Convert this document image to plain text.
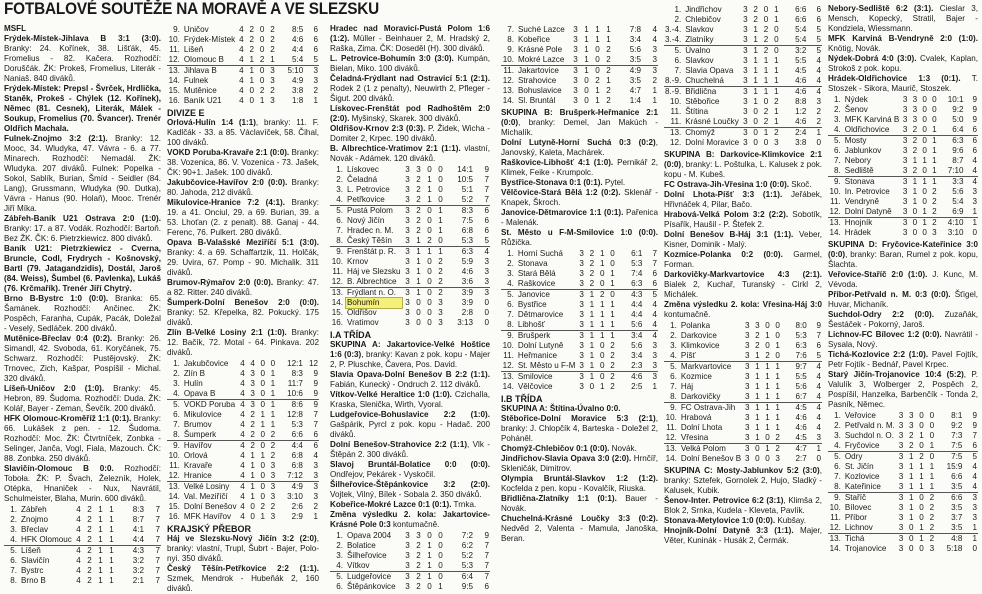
FOTBALOVÉ SOUTĚŽE NA MORAVĚ A VE SLEZSKU

MSFL

Frýdek-Místek-Jihlava B 3:1 (3:0). Branky: 24. Kořínek, 38. Lišťák, 45. Fromelius - 82. Kačera. Rozhodčí: Doruščák. ŽK: Prokeš, Fromelius, Literák - Naniaš. 840 diváků.

Frýdek-Místek: Prepsl - Švrček, Hrdlička, Staněk, Prokeš - Chýlek (12. Kořínek), Němec (81. Cesnek), Literák, Málek - Soukup, Fromelius (70. Švancer). Trenér Oldřich Machala.

Fulnek-Znojmo 3:2 (2:1). Branky: 12. Mooc, 34. Wludyka, 47. Vávra - 6. a 77. Minarech. Rozhodčí: Nemadál. ŽK: Wludyka. 207 diváků. Fulnek: Popelka - Sokol, Sablík, Burian, Šmíd - Seidler (84. Lang), Grussmann, Wludyka (90. Dutka), Vávra - Hanus (90. Holaň), Mooc. Trenér Jiří Míka.

Zábřeh-Baník U21 Ostrava 2:0 (1:0). Branky: 17. a 87. Vodák. Rozhodčí: Bartoň. Bez ŽK. ČK: 6. Pietrzkiewicz. 800 diváků.

Baník U21: Pietrzkiewicz - Cverna, Bruncle, Codl, Frydrych - Košnovský, Bartl (79. Jatagandzidis), Dostál, Jaroš (84. Weiss), Šumbel (6. Pavlenka), Lukáš (76. Krčmařík). Trenér Jiří Chytrý.

Brno B-Bystrc 1:0 (0:0). Branka: 65. Šamánek. Rozhodčí: Ančinec. ŽK: Pospěch, Faranha, Cupák, Pacák, Doležal - Veselý, Sedláček. 200 diváků.

Mutěnice-Břeclav 0:4 (0:2). Branky: 26. Simandl, 42. Svoboda, 61. Koryčánek, 75. Schwarz. Rozhodčí: Pustějovský. ŽK: Trnovec, Zich, Kašpar, Pospíšil - Michal. 320 diváků.

Líšeň-Uničov 2:0 (1:0). Branky: 45. Hebron, 89. Šudoma. Rozhodčí: Duda. ŽK: Kolář, Bayer - Zeman, Ševčík. 200 diváků.

HFK Olomouc-Kroměříž 1:1 (0:1). Branky: 66. Lukášek z pen. - 12. Šudoma. Rozhodčí: Moc. ŽK: Čtvrtníček, Zonbka - Selinger, Janča, Vogl, Fiala, Mazouch. ČK: 88. Zonbka. 250 diváků.

Slavičín-Olomouc B 0:0. Rozhodčí: Toboła. ŽK: P. Švach, Železník, Holek, Otépka, Hnaniček - Nux, Navrátil, Schulmeister, Blaha, Murin. 600 diváků.

1.	Zábřeh	4	2	1	1	8:3	7
2.	Znojmo	4	2	1	1	8:7	7
3.	Břeclav	4	2	1	1	4:1	7
4.	HFK Olomouc	4	2	1	1	4:4	7
5.	Líšeň	4	2	1	1	4:3	7
6.	Slavičín	4	2	1	1	3:2	7
7.	Bystrc	4	2	1	1	3:2	7
8.	Brno B	4	2	1	1	2:1	7
9.	Uničov	4	2	0	2	8:5	6
10.	Frýdek-Místek	4	2	0	2	4:6	6
11.	Lišeň	4	2	0	2	4:4	6
12.	Olomouc B	4	1	2	1	5:4	5
13.	Jihlava B	4	1	0	3	5:10	3
14.	Fulnek	4	1	0	3	4:9	3
15.	Mutěnice	4	0	2	2	3:8	2
16.	Baník U21	4	0	1	3	1:8	1

DIVIZE E

Orlová-Hulín 1:4 (1:1), branky: 11. F. Kadlčák - 33. a 85. Václavíček, 58. Čihal, 100 diváků.

VOKD Poruba-Kravaře 2:1 (0:0). Branky: 38. Vozenica, 86. V. Vozenica - 73. Jašek, ČK: 90+1. Jašek. 100 diváků.

Jakubčovice-Havířov 2:0 (0:0). Branky: 80. Jahoda, 212 diváků.

Mikulovice-Hranice 7:2 (4:1). Branky: 19. a 41. Onciul, 29. a 69. Burian, 39. a 53. Lhoťan (2. z penalt). 88. Ganaj - 44. Ferenc, 76. Pulkert. 280 diváků.

Opava B-Valašské Meziříčí 5:1 (3:0). Branky: 4. a 69. Schaffartzik, 11. Holčák, 29. Uvira, 67. Pomp - 90. Michalik. 311 diváků.

Brumov-Rýmařov 2:0 (0:0). Branky: 47. a 82. Ritter. 240 diváků.

Šumperk-Dolní Benešov 2:0 (0:0). Branky: 52. Křepelka, 82. Pokucký. 175 diváků.

Zlín B-Velké Losiny 2:1 (1:0). Branky: 12. Bačík, 72. Motal - 64. Pinkava. 202 diváků.

1.	Jakubčovice	4	4	0	0	12:1	12
2.	Zlín B	4	3	0	1	8:3	9
3.	Hulín	4	3	0	1	11:7	9
4.	Opava B	4	3	0	1	10:6	9
5.	VOKD Poruba	4	3	0	1	8:6	9
6.	Mikulovice	4	2	1	1	12:8	7
7.	Brumov	4	2	1	1	5:3	7
8.	Šumperk	4	2	0	2	6:6	6
9.	Havířov	4	2	0	2	4:4	6
10.	Orlová	4	1	1	2	6:8	4
11.	Kravaře	4	1	0	3	6:8	3
12.	Hranice	4	1	0	3	7:12	3
13.	Velké Losiny	4	1	0	3	4:9	3
14.	Val. Meziříčí	4	1	0	3	3:10	3
15.	Dolní Benešov	4	0	2	2	2:6	2
16.	MFK Havířov	4	0	1	3	2:9	1

KRAJSKÝ PŘEBOR

Háj ve Slezsku-Nový Jičín 3:2 (2:0), branky: vlastní, Trupl, Šubrt - Bajer, Polo-nyi. 350 diváků.

Český Těšín-Petřkovice 2:2 (1:1). Szmek, Mendrok - Hubeňák 2, 160 diváků.

Hradec nad Moravicí-Pustá Polom 1:6 (1:2). Müller - Beinhauer 2, M. Hradský 2, Raška, Zima. ČK: Doseděl (H). 300 diváků.

L. Petrovice-Bohumín 3:0 (3:0). Kumpán, Bielan, Miko. 100 diváků.

Čeladná-Frýdlant nad Ostravicí 5:1 (2:1). Rodek 2 (1 z penalty), Neuwirth 2, Pfleger - Šigut. 200 diváků.

Lískovec-Frenštát pod Radhoštěm 2:0 (2:0). Myšinský, Skarek. 300 diváků.

Oldřišov-Krnov 2:3 (0:3). P. Židek, Wicha - Domiter 2, Krpec. 190 diváků.

B. Albrechtice-Vratimov 2:1 (1:1). vlastní, Novák - Adámek. 120 diváků.

1.	Lískovec	3	3	0	0	14:1	9
2.	Čeladná	3	2	1	0	10:5	7
3.	L. Petrovice	3	2	1	0	5:1	7
4.	Petřkovice	3	2	1	0	5:2	7
5.	Pustá Polom	3	2	0	1	8:3	6
6.	Nový Jičín	3	2	0	1	7:5	6
7.	Hradec n. M.	3	2	0	1	6:8	6
8.	Český Těšín	3	1	2	0	5:3	5
9.	Frenštát p. R.	3	1	1	1	6:3	4
10.	Krnov	3	1	0	2	5:9	3
11.	Háj ve Slezsku	3	1	0	2	4:6	3
12.	B. Albrechtice	3	1	0	2	3:6	3
13.	Frýdlant n. O.	3	1	0	2	3:9	3
14.	Bohumín	3	0	0	3	3:9	0
15.	Oldřišov	3	0	0	3	2:8	0
16.	Vratimov	3	0	0	3	3:13	0

I.A TŘÍDA

SKUPINA A: Jakartovice-Velké Hoštice 1:6 (0:3), branky: Kavan z pok. kopu - Majer 2, P. Pluschke, Čavera, Pos. David.

Slavia Opava-Dolní Benešov B 2:2 (1:1). Fabián, Kunecký - Ondruch 2. 112 diváků.

Vítkov-Velké Heraltice 1:0 (1:0). Czichalla, Kraska, Slenička, Wirth, Vyoral.

Ludgeřovice-Bohuslavice 2:2 (1:0). Gašpárik, Pyrcl z pok. kopu - Hadač. 200 diváků.

Dolní Benešov-Strahovice 2:2 (1:1), Vlk - Štěpán 2. 300 diváků.

Slavoj Bruntál-Bolatice 0:0 (0:0). Ondřejov, Pekárek - Vyskočil.

Šilheřovice-Štěpánkovice 3:2 (2:0). Vojtek, Vilný, Bílek - Sobala 2. 350 diváků.

Kobeřice-Mokré Lazce 0:1 (0:1). Trnka.

Změna výsledku 2. kola: Jakartovice-Krásné Pole 0:3 kontumačně.

1.	Opava 2004	3	3	0	0	7:2	9
2.	Bolatice	3	2	1	0	6:2	7
3.	Šilheřovice	3	2	1	0	5:2	7
4.	Vítkov	3	2	1	0	5:3	7
5.	Ludgeřovice	3	2	1	0	6:4	7
6.	Štěpánkovice	3	2	0	1	9:5	6
7.	Suché Lazce	3	1	1	1	7:8	4
8.	Kobeřice	3	1	1	1	3:4	4
9.	Krásné Pole	3	1	0	2	5:6	3
10.	Mokré Lazce	3	1	0	2	3:5	3
11.	Jakartovice	3	1	0	2	4:9	3
12.	Strahovice	3	0	2	1	3:5	2
13.	Bohuslavice	3	0	1	2	4:7	1
14.	Sl. Bruntál	3	0	1	2	1:4	1

SKUPINA B: Brušperk-Heřmanice 2:1 (0:0), branky: Demel, Jan Makúch - Michalík.

Dolní Lutyně-Horní Suchá 0:3 (0:2), Janovský, Kaleta, Machárek.

Raškovice-Libhošť 4:1 (1:0). Pernikář 2, Klimek, Feike - Krumpolc.

Bystřice-Stonava 0:1 (0:1). Pytel.

Vělčovice-Stará Bělá 1:2 (0:2). Sklenář - Knapek, Škroch.

Janovice-Dětmarovice 1:1 (0:1). Pařenica - Malenák.

St. Město u F-M-Smilovice 1:0 (0:0). Růžička.

1.	Horní Suchá	3	2	1	0	6:1	7
2.	Stonava	3	2	1	0	5:3	7
3.	Stará Bělá	3	2	0	1	7:4	6
4.	Raškovice	3	2	0	1	6:3	6
5.	Janovice	3	1	2	0	4:3	5
6.	Bystřice	3	1	1	1	4:4	4
7.	Dětmarovice	3	1	1	1	4:4	4
8.	Libhošť	3	1	1	1	5:6	4
9.	Brušperk	3	1	1	1	3:4	4
10.	Dolní Lutyně	3	1	0	2	5:6	3
11.	Heřmanice	3	1	0	2	3:4	3
12.	St. Město u F-M	3	1	0	2	2:3	3
13.	Smilovice	3	1	0	2	4:6	3
14.	Vělčovice	3	0	1	2	2:5	1

I.B TŘÍDA

SKUPINA A: Štítina-Úvalno 0:0.

Stěbořice-Dolní Moravice 5:3 (2:1), branky: J. Chlopčík 4, Barteska - Doležel 2, Poháněl.

Chomýž-Chlebičov 0:1 (0:0). Novák.

Jindřichov-Slavia Opava 3:0 (2:0). Hrnčíř, Skleničák, Dimitrov.

Olympia Bruntál-Slavkov 1:2 (1:2). Kocfelda z pen. kopu - Kovalčík, Riuska.

Břidlična-Zlatníky 1:1 (0:1). Bauer - Novák.

Chuchelná-Krásné Loučky 3:3 (0:2). Nedvěd 2, Valenta - Mamula, Janoška, Beran.

1.	Jindřichov	3	2	0	1	6:6	6
2.	Chlebičov	3	2	0	1	6:6	6
3.-4.	Slavkov	3	1	2	0	5:4	5
3.-4.	Zlatníky	3	1	2	0	5:4	5
5.	Úvalno	3	1	2	0	3:2	5
6.	Slavkov	3	1	1	1	5:5	4
7.	Slavia Opava	3	1	1	1	4:5	4
8.-9.	Chuchelná	3	1	1	1	4:6	4
8.-9.	Břidlična	3	1	1	1	4:6	4
10.	Stěbořice	3	1	0	2	8:8	3
11.	Štítina	3	0	2	1	1:2	2
11.	Krásné Loučky	3	0	2	1	4:6	2
13.	Chomýž	3	0	1	2	2:4	1
12.	Dolní Moravice	3	0	0	3	3:8	0

SKUPINA B: Darkovice-Klimkovice 2:1 (0:0), branky: L. Poštulka, L. Kalusek z pok. kopu - M. Kubeš.

FC Ostrava-Jih-Vřesina 1:0 (0:0). Skoč.

Dolní Lhota-Píšť 3:3 (1:1). Jeřábek, Hřivnáček 4, Pilar, Bačo.

Hrabová-Velká Polom 3:2 (2:2). Sobotík, Písařík, Haušil - P. Štefek 2.

Dolní Benešov B-Háj 3:1 (1:1). Veber, Kisner, Dominik - Malý.

Kozmice-Polanka 0:2 (0:0). Garmel, Forman.

Darkovičky-Markvartovice 4:3 (2:1). Bialek 2, Kuchař, Turanský - Cirkl 2, Michálek.

Změna výsledku 2. kola: Vřesina-Háj 3:0 kontumačně.

1.	Polanka	3	3	0	0	8:0	9
2.	Darkovice	3	2	1	0	5:3	7
3.	Klimkovice	3	2	0	1	6:3	6
4.	Píšť	3	1	2	0	7:6	5
5.	Markvartovice	3	1	1	1	9:7	4
6.	Kozmice	3	1	1	1	5:5	4
7.	Háj	3	1	1	1	5:6	4
8.	Darkovičky	3	1	1	1	6:7	4
9.	FC Ostrava-Jih	3	1	1	1	4:5	4
10.	Hrabová	3	1	1	1	4:6	4
11.	Dolní Lhota	3	1	1	1	4:6	4
12.	Vřesina	3	1	0	2	4:5	3
13.	Velká Polom	3	0	1	2	4:7	1
14.	Dolní Benešov B	3	0	0	3	2:7	0

SKUPINA C: Mosty-Jablunkov 5:2 (3:0), branky: Sztefek, Gornolek 2, Hujo, Sladký - Kalusek, Kubik.

Šenov-Inter. Petrovice 6:2 (3:1), Klimša 2, Blok 2, Srnka, Kudela - Kleveta, Pavlík.

Stonava-Metylovice 1:0 (0:0). Kubšay.

Hnojník-Dolní Datyně 3:3 (1:1). Majer, Věter, Kuninák - Husák 2, Čermák.

Nebory-Sedliště 6:2 (3:1). Cieslar 3, Mensch, Kopecký, Stratil, Bajer - Kondziela, Wiessmann.

MFK Karviná B-Vendryně 2:0 (1:0). Knötig, Novák.

Nýdek-Dobrá 4:0 (3:0). Cvalek, Kaplan, Strokoš z pok. kopu.

Hrádek-Oldřichovice 1:3 (0:1). T. Stoszek - Sikora, Maurič, Stoszek.

1.	Nýdek	3	3	0	0	10:1	9
2.	Šenov	3	3	0	0	9:2	9
3.	MFK Karviná B	3	3	0	0	5:0	9
4.	Oldřichovice	3	2	0	1	6:4	6
5.	Mosty	3	2	0	1	6:3	6
6.	Jablunkov	3	2	0	1	9:6	6
7.	Nebory	3	1	1	1	8:7	4
8.	Sedliště	3	2	0	1	7:10	4
9.	Stonava	3	1	1	1	3:3	4
10.	In. Petrovice	3	1	0	2	5:6	3
11.	Vendryně	3	1	0	2	5:4	3
12.	Dolní Datyně	3	0	1	2	6:9	1
13.	Hnojník	3	0	1	2	4:10	1
14.	Hrádek	3	0	0	3	3:10	0

SKUPINA D: Fryčovice-Kateřinice 3:0 (0:0), branky: Baran, Rumel z pok. kopu, Šlachta.

Veřovice-Staříč 2:0 (1:0). J. Kunc, M. Vévoda.

Příbor-Petřvald n. M. 0:3 (0:0). Šťigel, Huvar, Michaník.

Suchdol-Odry 2:2 (0:0). Zuzaňák, Šestáček - Pokorný, Jaroš.

Lichnov-FC Bílovec 1:2 (0:0). Navrátil - Sysala, Nový.

Tichá-Kozlovice 2:2 (1:0). Pavel Fojtík, Petr Fojtík - Bednář, Pavel Krpec.

Starý Jičín-Trojanovice 10:4 (5:2), P. Valulík 3, Wolberger 2, Pospěch 2, Pospíšil, Hanzelka, Barbenčík - Tonda 2, Pasník, Němec.

1.	Veřovice	3	3	0	0	8:1	9
2.	Petřvald n. M.	3	3	0	0	9:2	9
3.	Suchdol n. O.	3	2	1	0	7:3	7
4.	Fryčovice	3	2	0	1	7:5	6
5.	Odry	3	1	2	0	7:5	5
6.	St. Jičín	3	1	1	1	15:9	4
7.	Kozlovice	3	1	1	1	6:6	4
8.	Kateřinice	3	1	1	1	3:5	4
9.	Staříč	3	1	0	2	6:6	3
10.	Bílovec	3	1	0	2	3:5	3
11.	Příbor	3	1	0	2	3:7	3
12.	Lichnov	3	0	1	2	3:5	1
13.	Tichá	3	0	1	2	4:8	1
14.	Trojanovice	3	0	0	3	5:18	0
